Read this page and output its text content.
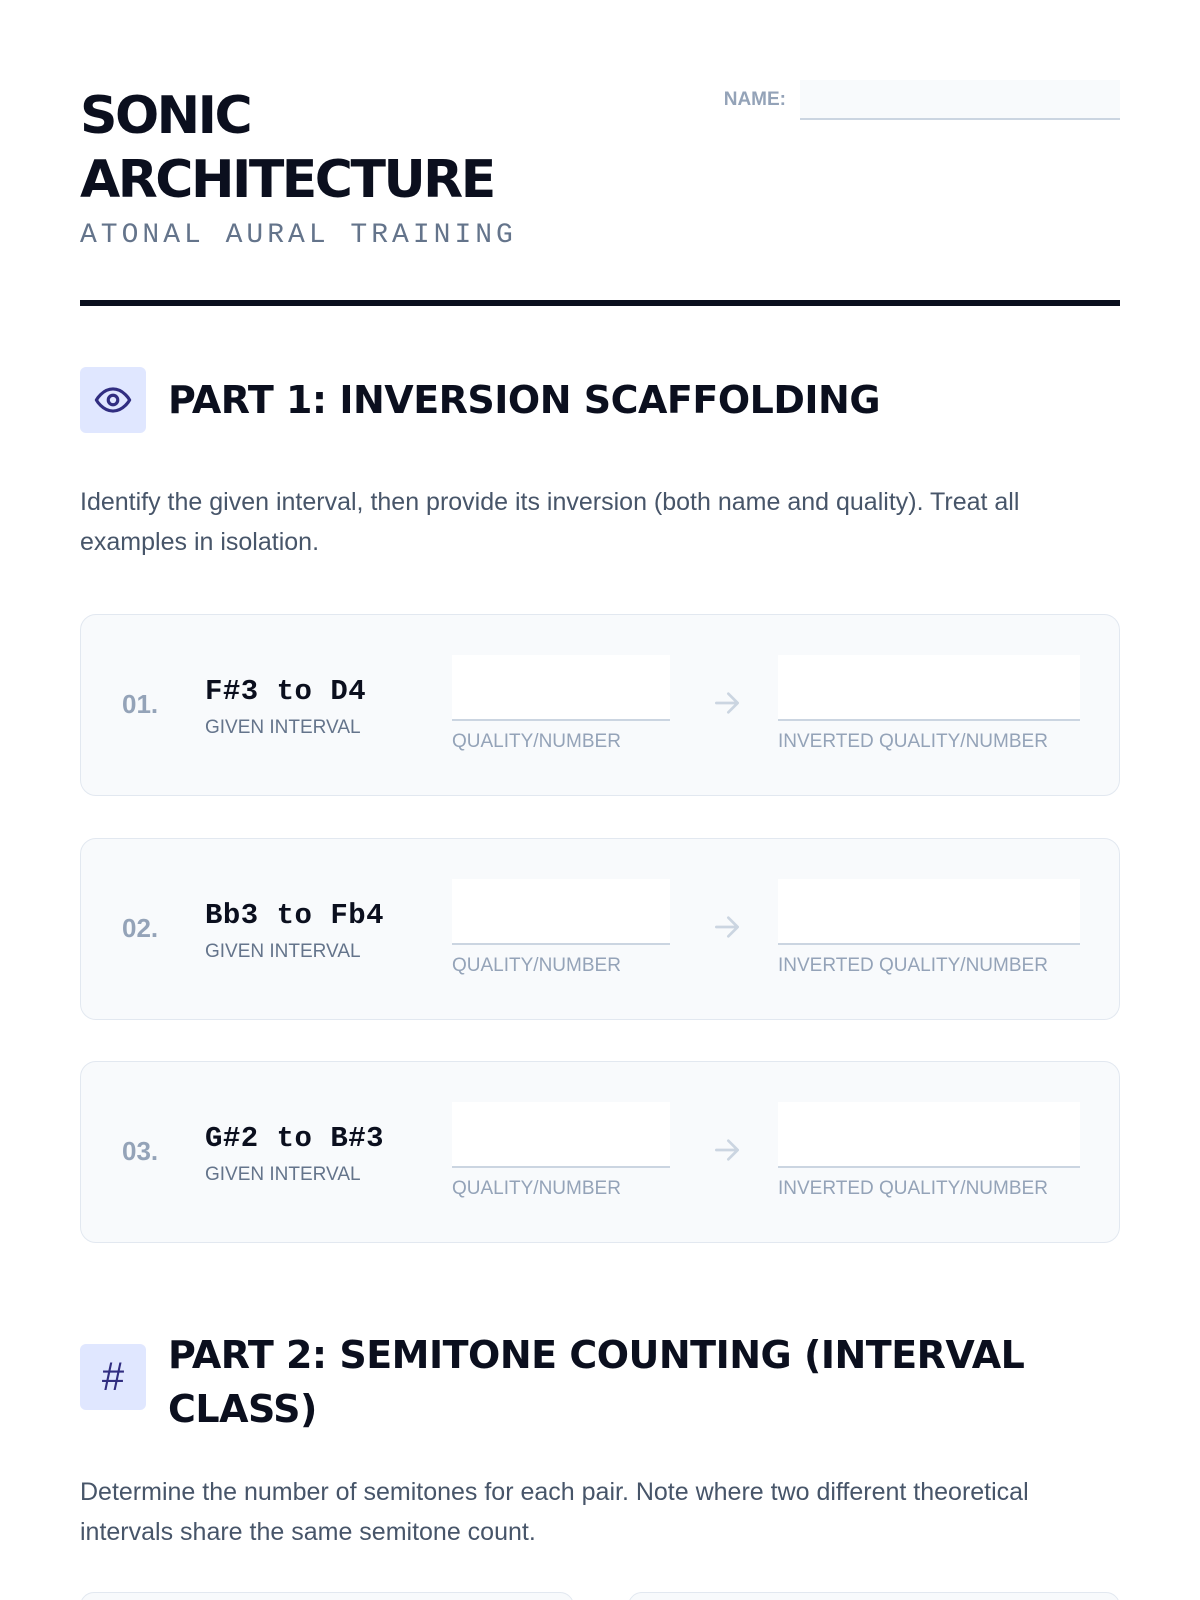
SONIC
ARCHITECTURE
ATONAL AURAL TRAINING
NAME:
PART 1: INVERSION SCAFFOLDING

Identify the given interval, then provide its inversion (both name and quality). Treat all examples in isolation.

01. F#3 to D4
GIVEN INTERVAL
QUALITY/NUMBER	INVERTED QUALITY/NUMBER
02. Bb3 to Fb4
GIVEN INTERVAL
QUALITY/NUMBER	INVERTED QUALITY/NUMBER
03. G#2 to B#3
GIVEN INTERVAL
QUALITY/NUMBER	INVERTED QUALITY/NUMBER
# PART 2: SEMITONE COUNTING (INTERVAL CLASS)

Determine the number of semitones for each pair. Note where two different theoretical intervals share the same semitone count.
